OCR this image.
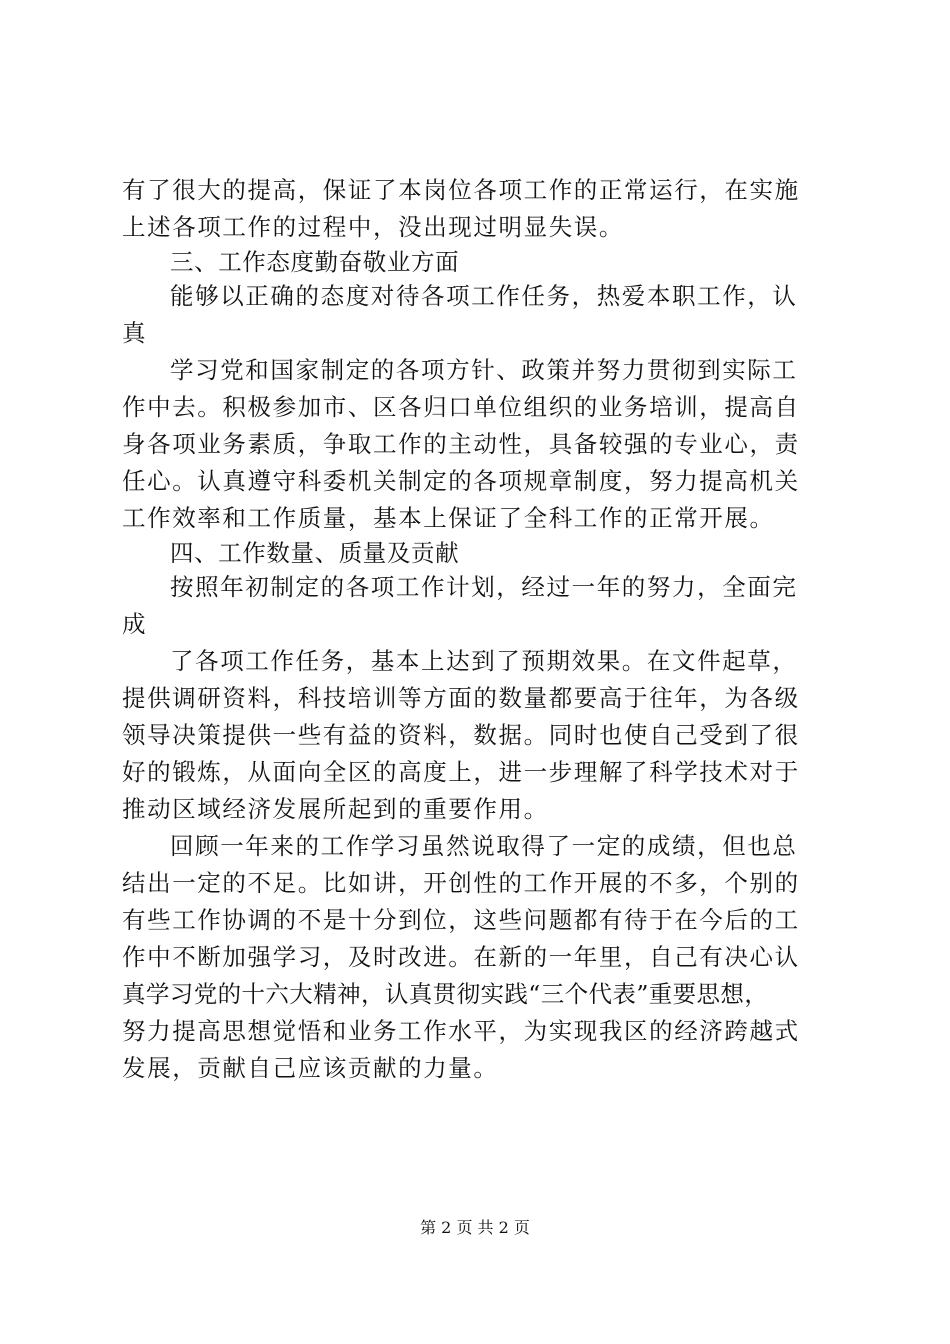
有了很大的提高，保证了本岗位各项工作的正常运行，在实施
上述各项工作的过程中，没出现过明显失误。
三、工作态度勤奋敬业方面
能够以正确的态度对待各项工作任务，热爱本职工作，认
真
学习党和国家制定的各项方针、政策并努力贯彻到实际工
作中去。积极参加市、区各归口单位组织的业务培训，提高自
身各项业务素质，争取工作的主动性，具备较强的专业心，责
任心。认真遵守科委机关制定的各项规章制度，努力提高机关
工作效率和工作质量，基本上保证了全科工作的正常开展。
四、工作数量、质量及贡献
按照年初制定的各项工作计划，经过一年的努力，全面完
成
了各项工作任务，基本上达到了预期效果。在文件起草，
提供调研资料，科技培训等方面的数量都要高于往年，为各级
领导决策提供一些有益的资料，数据。同时也使自己受到了很
好的锻炼，从面向全区的高度上，进一步理解了科学技术对于
推动区域经济发展所起到的重要作用。
回顾一年来的工作学习虽然说取得了一定的成绩，但也总
结出一定的不足。比如讲，开创性的工作开展的不多，个别的
有些工作协调的不是十分到位，这些问题都有待于在今后的工
作中不断加强学习，及时改进。在新的一年里，自己有决心认
真学习党的十六大精神，认真贯彻实践“三个代表”重要思想，
努力提高思想觉悟和业务工作水平，为实现我区的经济跨越式
发展，贡献自己应该贡献的力量。
第 2 页 共 2 页
